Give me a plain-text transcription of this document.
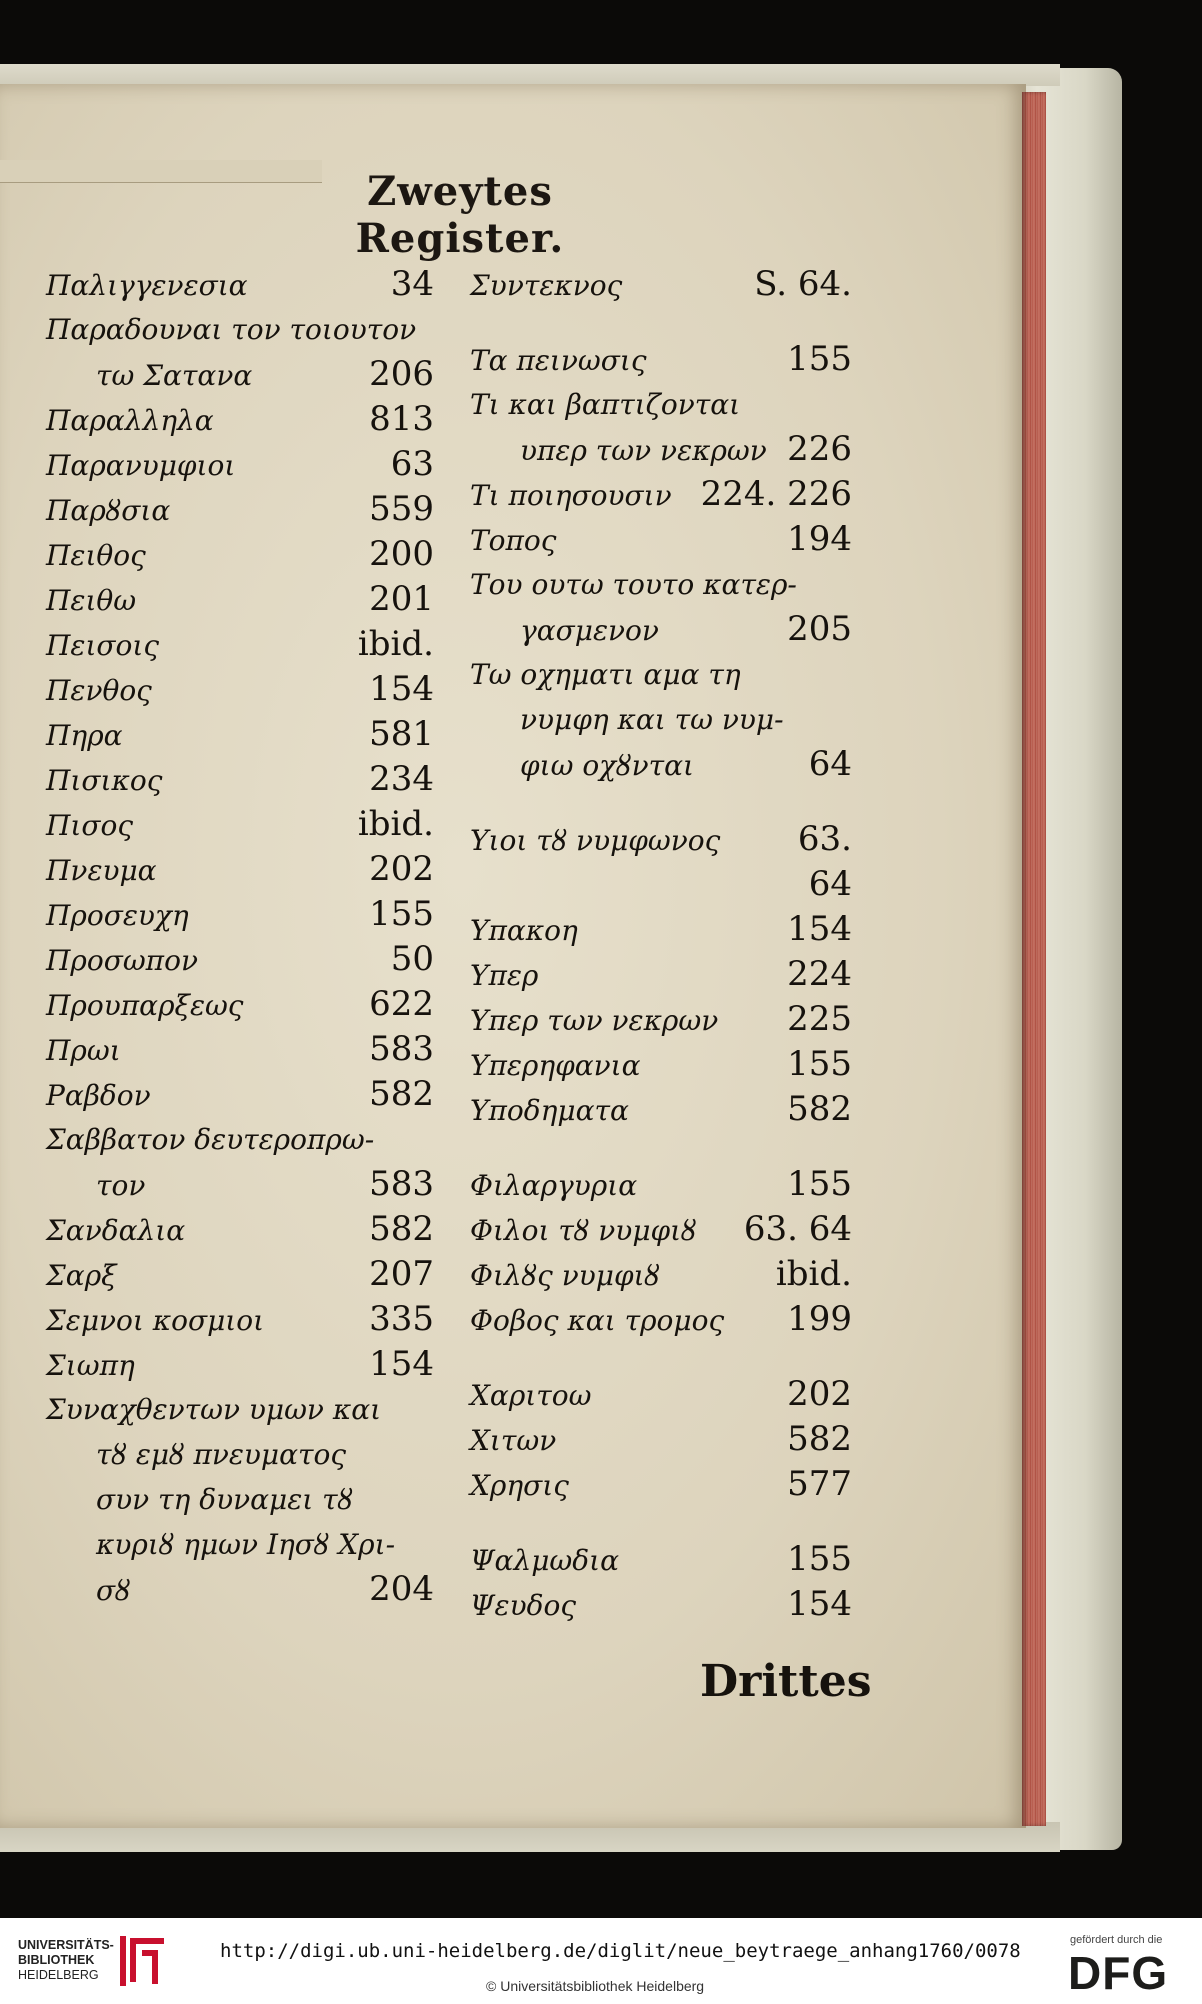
Zweytes Register.
Παλιγγενεσια	34
Παραδουναι τον τοιουτον
τω Σατανα	206
Παραλληλα	813
Παρανυμφιοι	63
Παρȣσια	559
Πειθος	200
Πειθω	201
Πεισοις	ibid.
Πενθος	154
Πηρα	581
Πισικος	234
Πισος	ibid.
Πνευμα	202
Προσευχη	155
Προσωπον	50
Προυπαρξεως	622
Πρωι	583
Ραβδον	582
Σαββατον δευτεροπρω-
τον	583
Σανδαλια	582
Σαρξ	207
Σεμνοι κοσμιοι	335
Σιωπη	154
Συναχθεντων υμων και
τȣ εμȣ πνευματος
συν τη δυναμει τȣ
κυριȣ ημων Ιησȣ Χρι-
σȣ	204
Συντεκνος	S. 64.
Τα πεινωσις	155
Τι και βαπτιζονται
υπερ των νεκρων 226
Τι ποιησουσιν 224. 226
Τοπος	194
Του ουτω τουτο κατερ-
γασμενον	205
Τω οχηματι αμα τη
νυμφη και τω νυμ-
φιω οχȣνται	64
Υιοι τȣ νυμφωνος 63.
64
Υπακοη	154
Υπερ	224
Υπερ των νεκρων 225
Υπερηφανια	155
Υποδηματα	582
Φιλαργυρια	155
Φιλοι τȣ νυμφιȣ 63. 64
Φιλȣς νυμφιȣ	ibid.
Φοβος και τρομος 199
Χαριτοω	202
Χιτων	582
Χρησις	577
Ψαλμωδια	155
Ψευδος	154
Drittes
UNIVERSITÄTS-
BIBLIOTHEK
HEIDELBERG
http://digi.ub.uni-heidelberg.de/diglit/neue_beytraege_anhang1760/0078
© Universitätsbibliothek Heidelberg
gefördert durch die
DFG
